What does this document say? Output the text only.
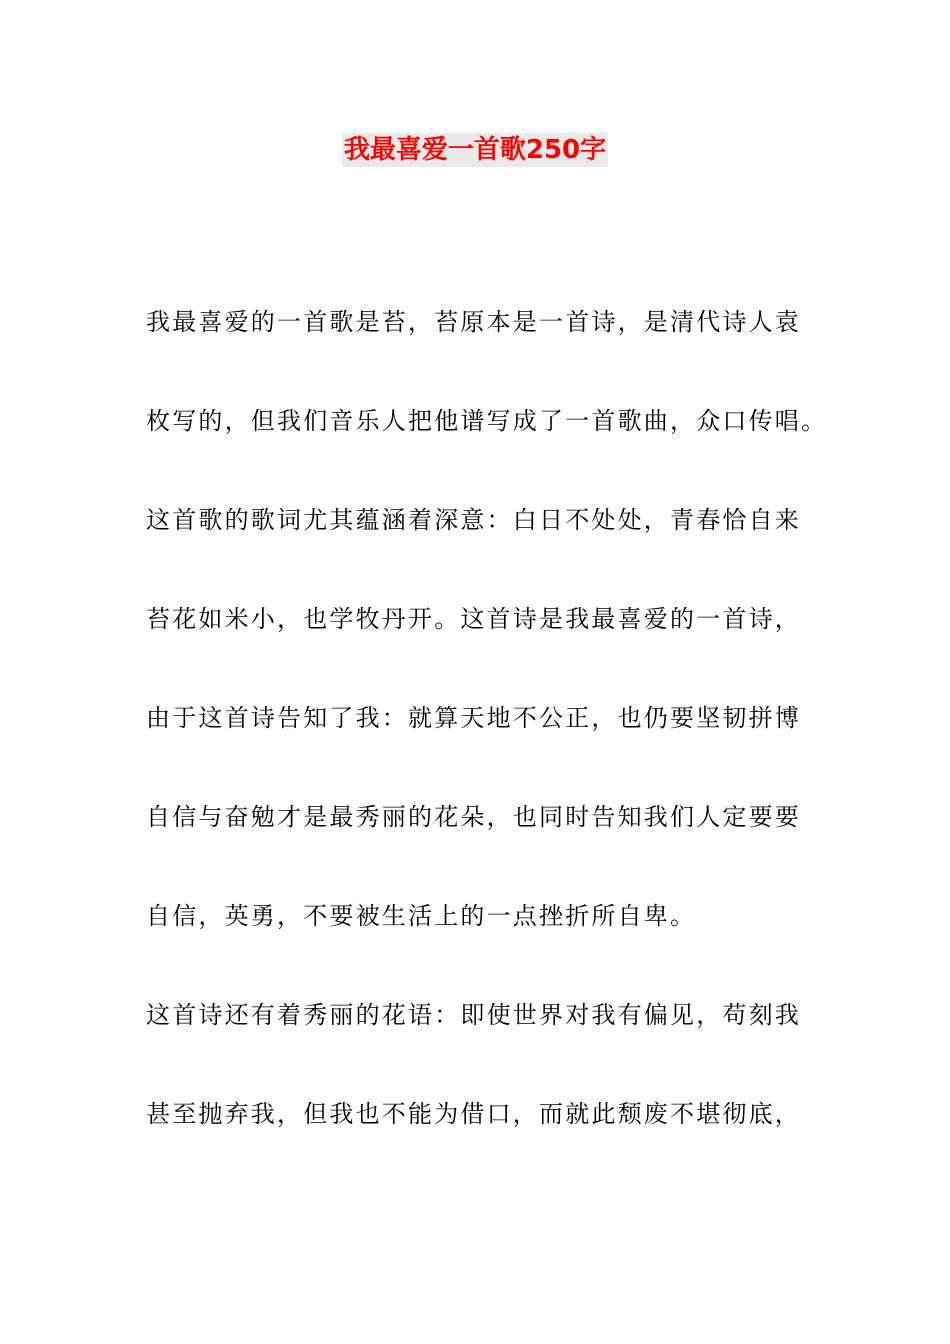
我最喜爱一首歌250字
我最喜爱的一首歌是苔，苔原本是一首诗，是清代诗人袁
枚写的，但我们音乐人把他谱写成了一首歌曲，众口传唱。
这首歌的歌词尤其蕴涵着深意：白日不处处，青春恰自来
苔花如米小，也学牧丹开。这首诗是我最喜爱的一首诗，
由于这首诗告知了我：就算天地不公正，也仍要坚韧拼博
自信与奋勉才是最秀丽的花朵，也同时告知我们人定要要
自信，英勇，不要被生活上的一点挫折所自卑。
这首诗还有着秀丽的花语：即使世界对我有偏见，苟刻我
甚至抛弃我，但我也不能为借口，而就此颓废不堪彻底，
